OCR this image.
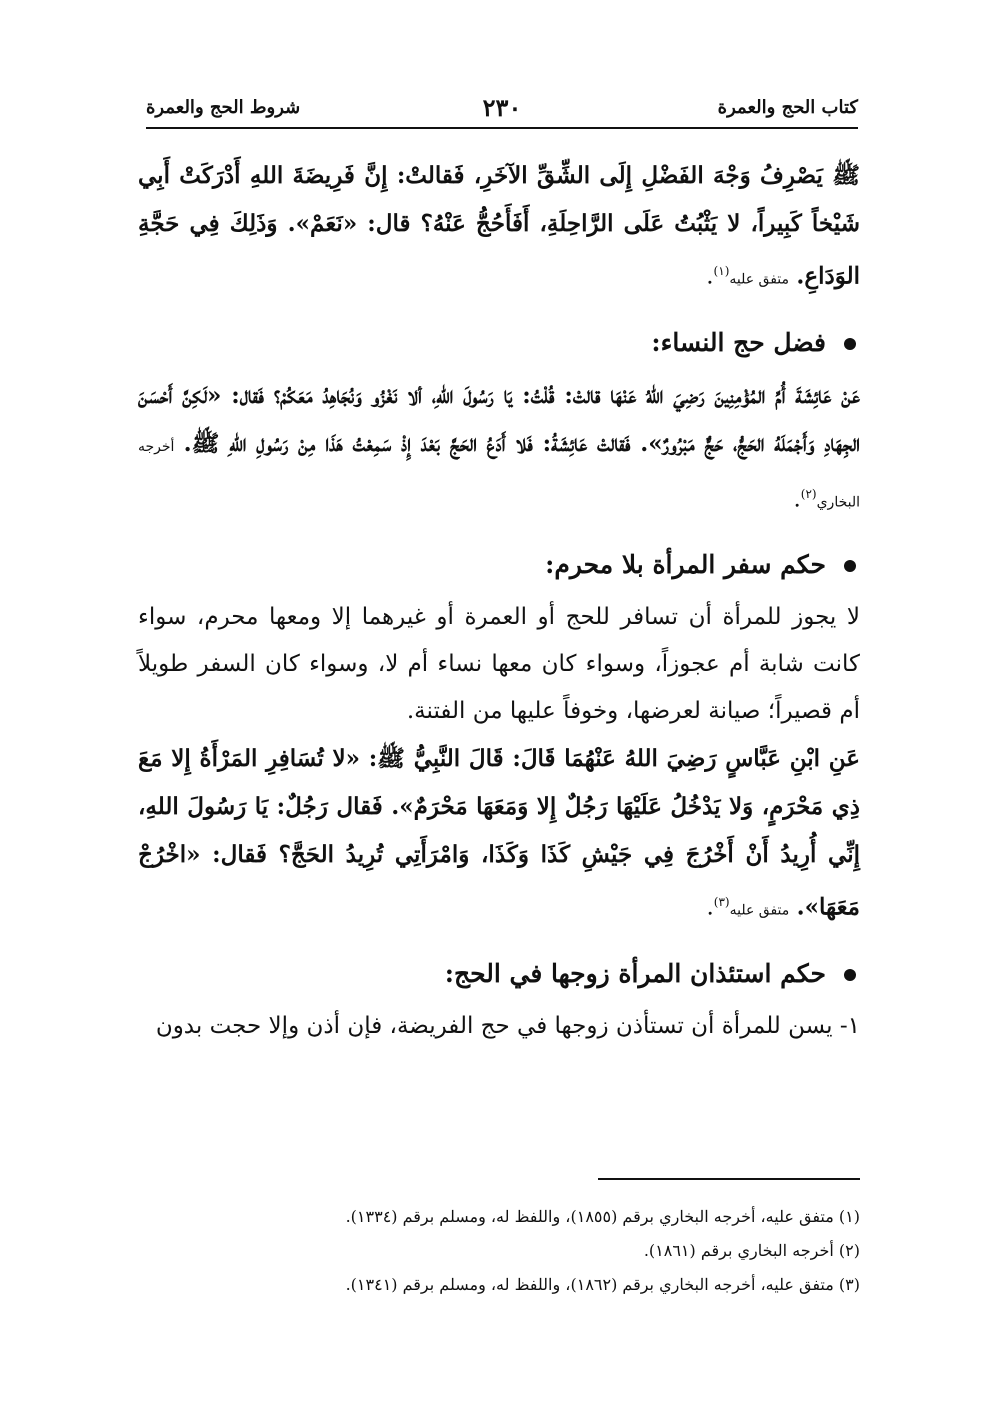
كتاب الحج والعمرة
٢٣٠
شروط الحج والعمرة

ﷺ يَصْرِفُ وَجْهَ الفَضْلِ إِلَى الشِّقِّ الآخَرِ، فَقالتْ: إِنَّ فَرِيضَةَ اللهِ أَدْرَكَتْ أَبِي شَيْخاً كَبِيراً، لا يَثْبُتُ عَلَى الرَّاحِلَةِ، أَفَأَحُجُّ عَنْهُ؟ قال: «نَعَمْ». وَذَلِكَ فِي حَجَّةِ الوَدَاعِ. متفق عليه$^{(١)}$.

فضل حج النساء:

عَنْ عَائِشَةَ أُمِّ المُؤْمِنِينَ رَضِيَ اللهُ عَنْهَا قالتْ: قُلْتُ: يَا رَسُولَ اللهِ، ألا نَغْزُو وَنُجَاهِدُ مَعَكُمْ؟ فَقال: «لَكِنَّ أَحْسَنَ الجِهَادِ وَأَجْمَلَهُ الحَجُّ، حَجٌّ مَبْرُورٌ». فَقالتْ عَائِشَةُ: فَلا أَدَعُ الحَجَّ بَعْدَ إِذْ سَمِعْتُ هَذَا مِنْ رَسُولِ اللهِ ﷺ. أخرجه البخاري$^{(٢)}$.

حكم سفر المرأة بلا محرم:

لا يجوز للمرأة أن تسافر للحج أو العمرة أو غيرهما إلا ومعها محرم، سواء كانت شابة أم عجوزاً، وسواء كان معها نساء أم لا، وسواء كان السفر طويلاً أم قصيراً؛ صيانة لعرضها، وخوفاً عليها من الفتنة.

عَنِ ابْنِ عَبَّاسٍ رَضِيَ اللهُ عَنْهُمَا قَالَ: قَالَ النَّبِيُّ ﷺ: «لا تُسَافِرِ المَرْأَةُ إِلا مَعَ ذِي مَحْرَمٍ، وَلا يَدْخُلُ عَلَيْهَا رَجُلٌ إِلا وَمَعَهَا مَحْرَمٌ». فَقال رَجُلٌ: يَا رَسُولَ اللهِ، إِنِّي أُرِيدُ أَنْ أَخْرُجَ فِي جَيْشِ كَذَا وَكَذَا، وَامْرَأَتِي تُرِيدُ الحَجَّ؟ فَقال: «اخْرُجْ مَعَهَا». متفق عليه$^{(٣)}$.

حكم استئذان المرأة زوجها في الحج:

١- يسن للمرأة أن تستأذن زوجها في حج الفريضة، فإن أذن وإلا حجت بدون

(١) متفق عليه، أخرجه البخاري برقم (١٨٥٥)، واللفظ له، ومسلم برقم (١٣٣٤).

(٢) أخرجه البخاري برقم (١٨٦١).

(٣) متفق عليه، أخرجه البخاري برقم (١٨٦٢)، واللفظ له، ومسلم برقم (١٣٤١).
